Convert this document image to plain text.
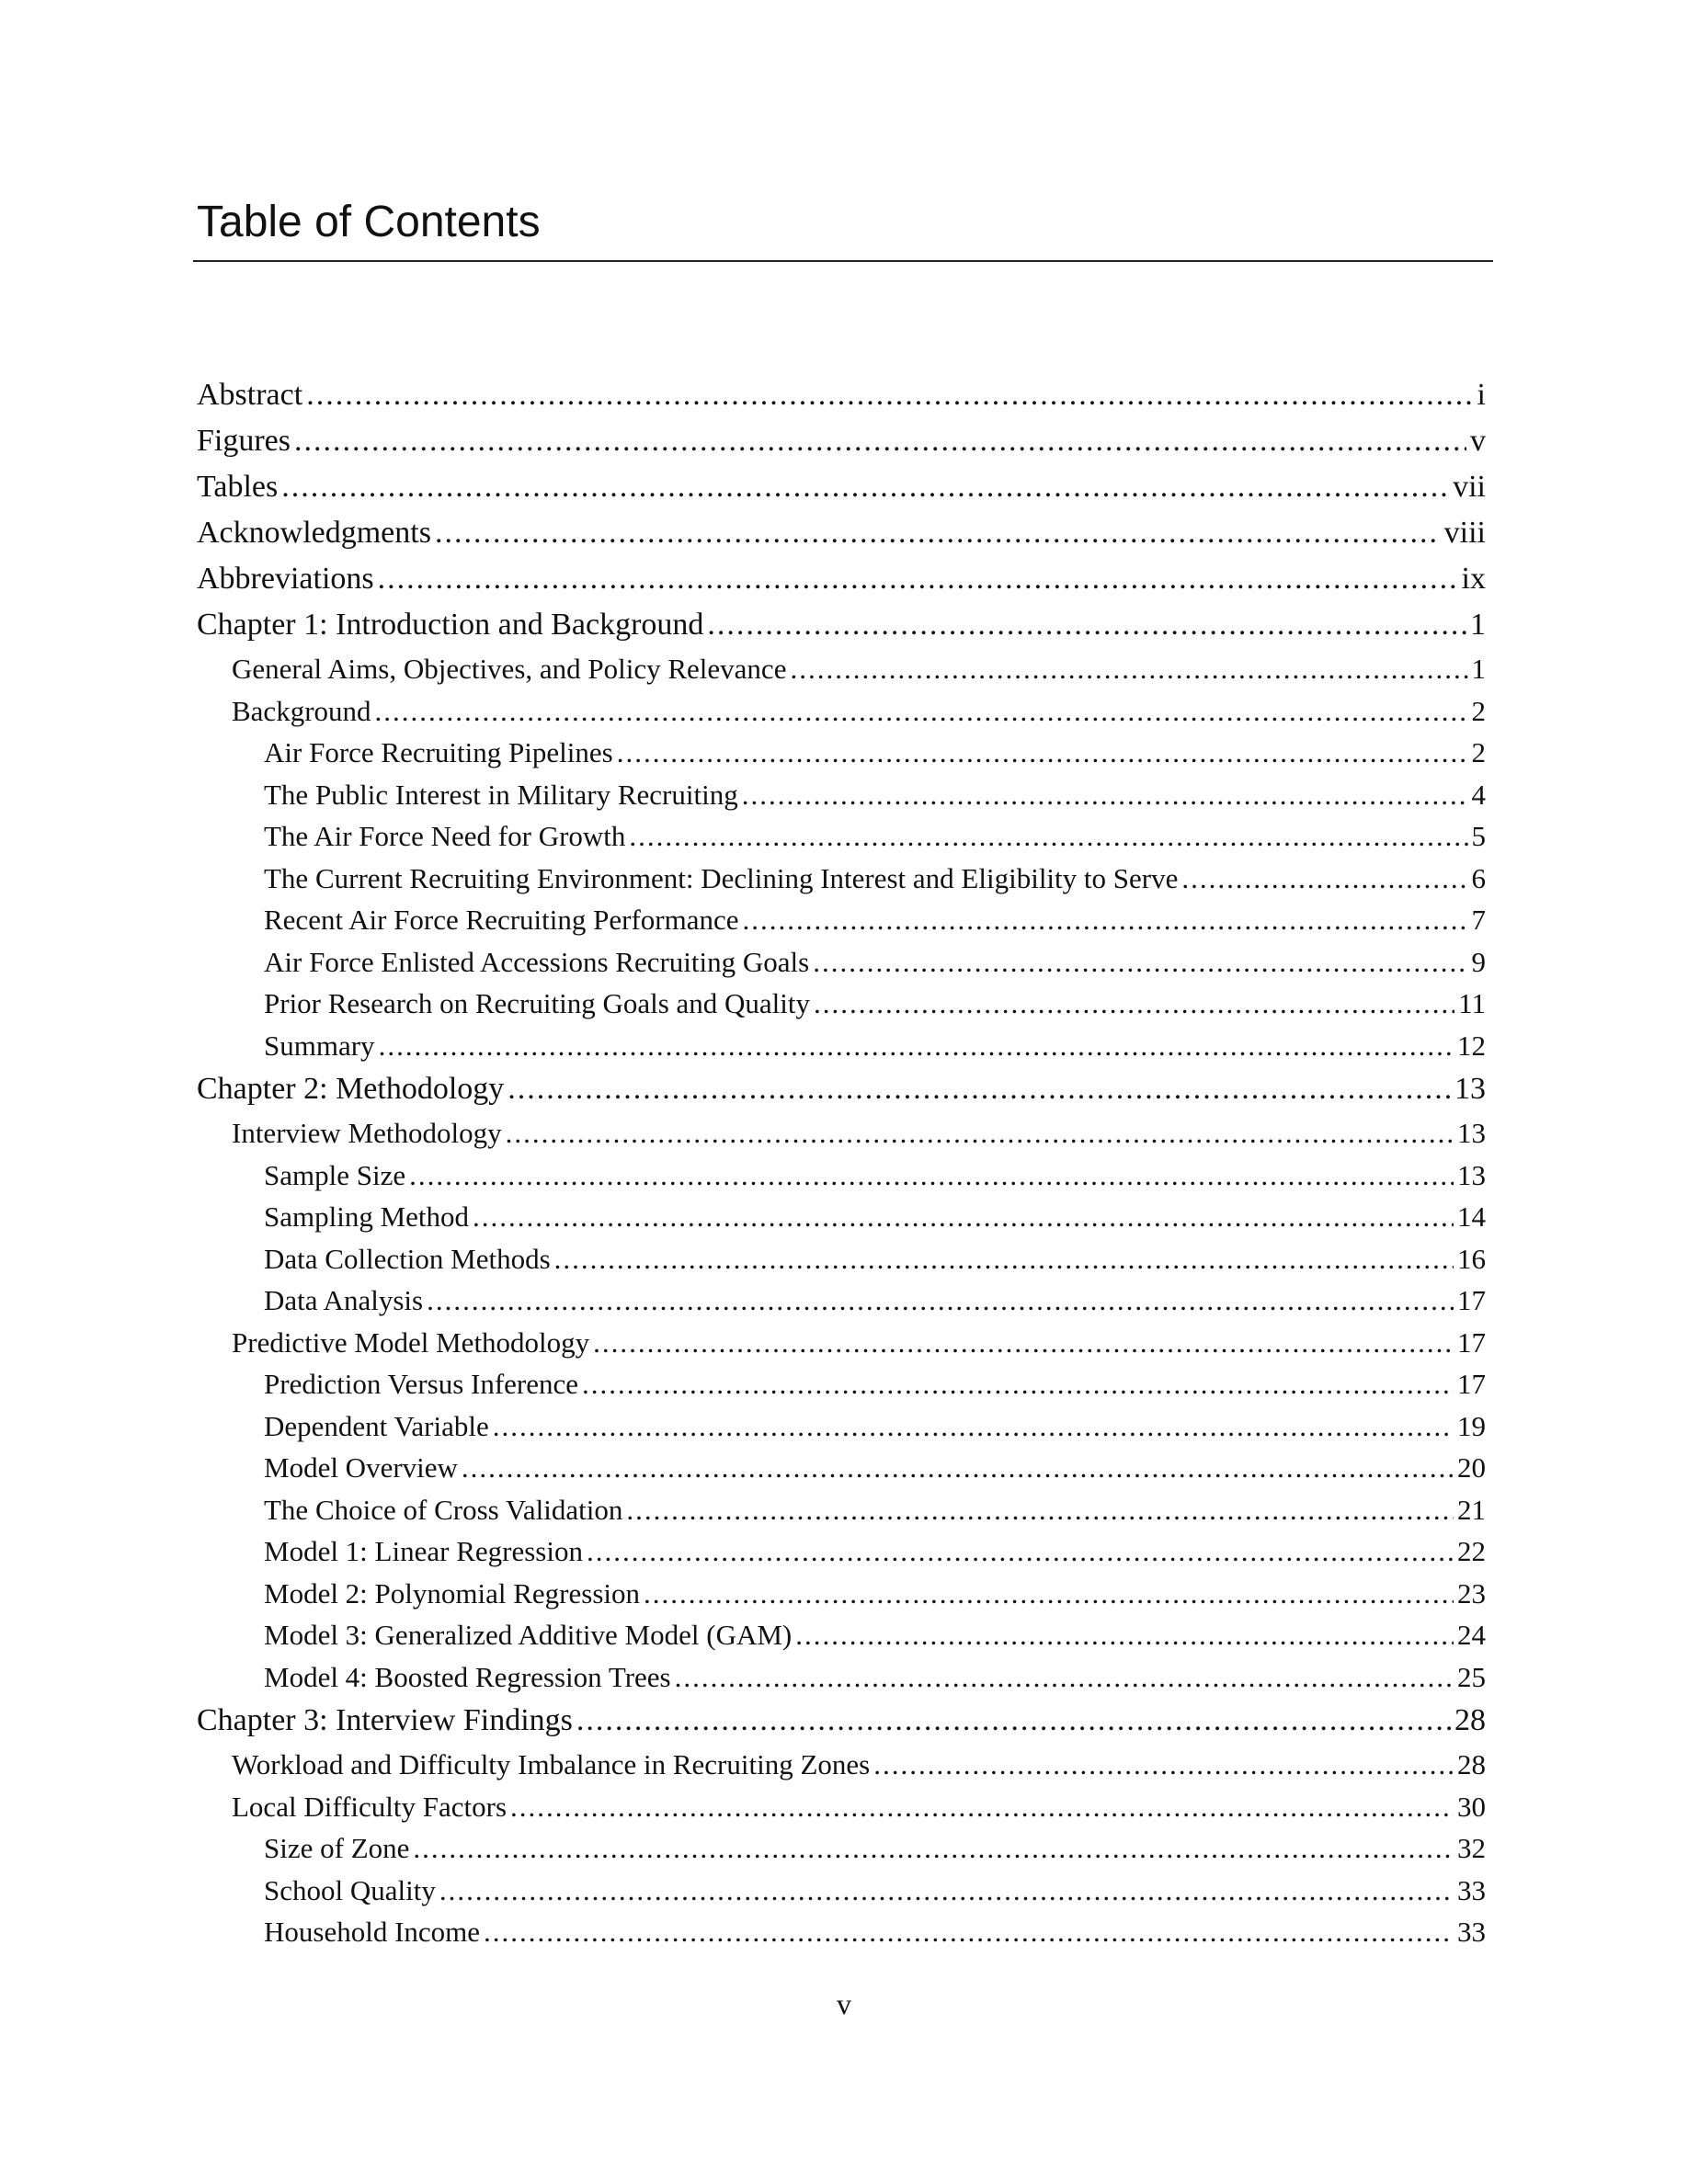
Table of Contents
Abstract .....	i
Figures .....	v
Tables .....	vii
Acknowledgments .....	viii
Abbreviations .....	ix
Chapter 1: Introduction and Background .....	1
General Aims, Objectives, and Policy Relevance .....	1
Background .....	2
Air Force Recruiting Pipelines .....	2
The Public Interest in Military Recruiting .....	4
The Air Force Need for Growth .....	5
The Current Recruiting Environment: Declining Interest and Eligibility to Serve .....	6
Recent Air Force Recruiting Performance .....	7
Air Force Enlisted Accessions Recruiting Goals .....	9
Prior Research on Recruiting Goals and Quality .....	11
Summary .....	12
Chapter 2: Methodology .....	13
Interview Methodology .....	13
Sample Size .....	13
Sampling Method .....	14
Data Collection Methods .....	16
Data Analysis .....	17
Predictive Model Methodology .....	17
Prediction Versus Inference .....	17
Dependent Variable .....	19
Model Overview .....	20
The Choice of Cross Validation .....	21
Model 1: Linear Regression .....	22
Model 2: Polynomial Regression .....	23
Model 3: Generalized Additive Model (GAM) .....	24
Model 4: Boosted Regression Trees .....	25
Chapter 3: Interview Findings .....	28
Workload and Difficulty Imbalance in Recruiting Zones .....	28
Local Difficulty Factors .....	30
Size of Zone .....	32
School Quality .....	33
Household Income .....	33
v
